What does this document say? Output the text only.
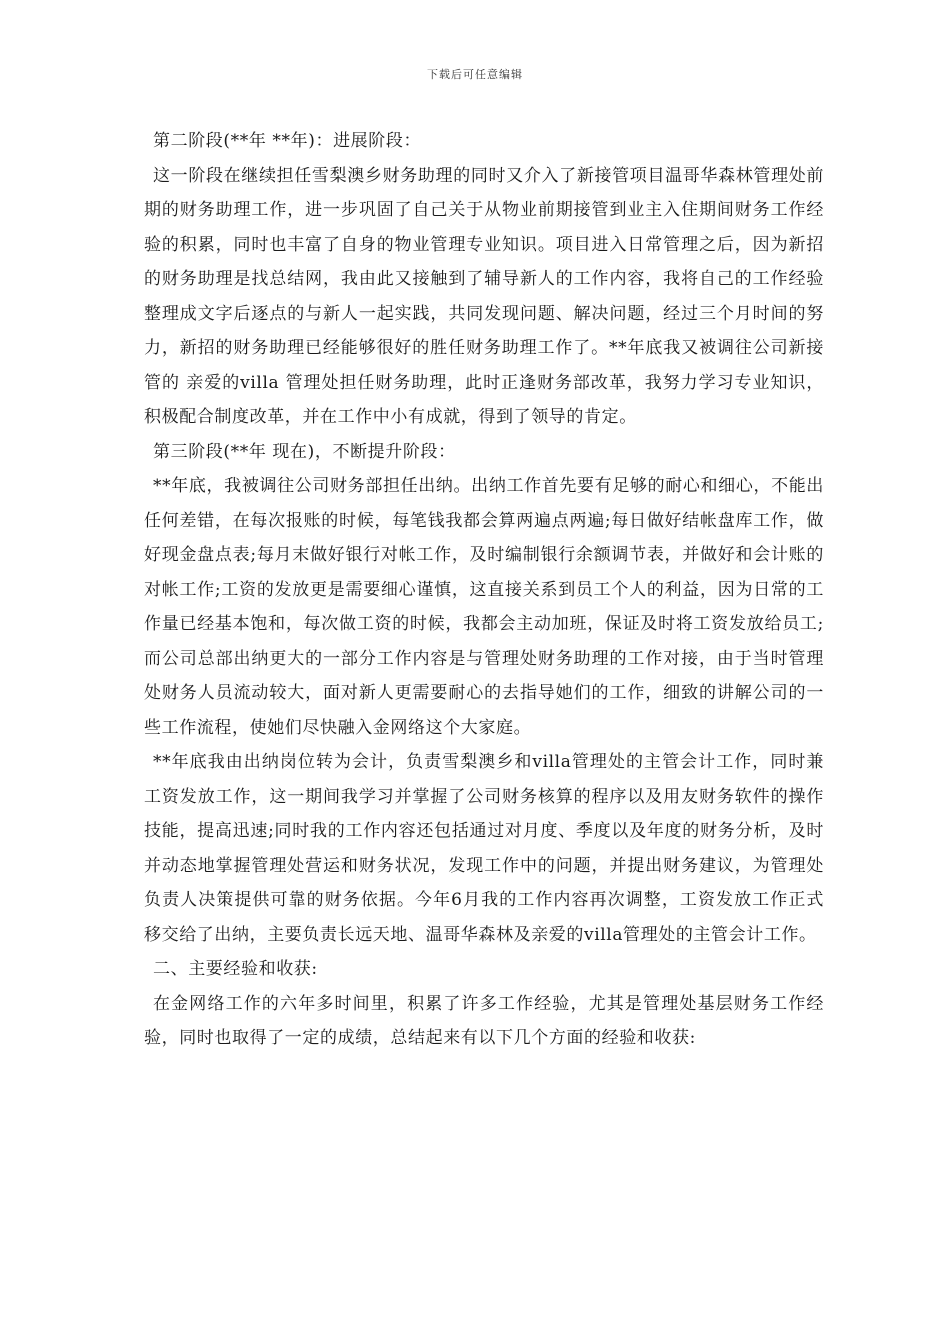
下载后可任意编辑

第二阶段(**年 **年)：进展阶段：

这一阶段在继续担任雪梨澳乡财务助理的同时又介入了新接管项目温哥华森林管理处前期的财务助理工作，进一步巩固了自己关于从物业前期接管到业主入住期间财务工作经验的积累，同时也丰富了自身的物业管理专业知识。项目进入日常管理之后，因为新招的财务助理是找总结网，我由此又接触到了辅导新人的工作内容，我将自己的工作经验整理成文字后逐点的与新人一起实践，共同发现问题、解决问题，经过三个月时间的努力，新招的财务助理已经能够很好的胜任财务助理工作了。**年底我又被调往公司新接管的 亲爱的villa 管理处担任财务助理，此时正逢财务部改革，我努力学习专业知识，积极配合制度改革，并在工作中小有成就，得到了领导的肯定。

第三阶段(**年 现在)，不断提升阶段：

**年底，我被调往公司财务部担任出纳。出纳工作首先要有足够的耐心和细心，不能出任何差错，在每次报账的时候，每笔钱我都会算两遍点两遍;每日做好结帐盘库工作，做好现金盘点表;每月末做好银行对帐工作，及时编制银行余额调节表，并做好和会计账的对帐工作;工资的发放更是需要细心谨慎，这直接关系到员工个人的利益，因为日常的工作量已经基本饱和，每次做工资的时候，我都会主动加班，保证及时将工资发放给员工;而公司总部出纳更大的一部分工作内容是与管理处财务助理的工作对接，由于当时管理处财务人员流动较大，面对新人更需要耐心的去指导她们的工作，细致的讲解公司的一些工作流程，使她们尽快融入金网络这个大家庭。

**年底我由出纳岗位转为会计，负责雪梨澳乡和villa管理处的主管会计工作，同时兼工资发放工作，这一期间我学习并掌握了公司财务核算的程序以及用友财务软件的操作技能，提高迅速;同时我的工作内容还包括通过对月度、季度以及年度的财务分析，及时并动态地掌握管理处营运和财务状况，发现工作中的问题，并提出财务建议，为管理处负责人决策提供可靠的财务依据。今年6月我的工作内容再次调整，工资发放工作正式移交给了出纳，主要负责长远天地、温哥华森林及亲爱的villa管理处的主管会计工作。

二、主要经验和收获:

在金网络工作的六年多时间里，积累了许多工作经验，尤其是管理处基层财务工作经验，同时也取得了一定的成绩，总结起来有以下几个方面的经验和收获:
